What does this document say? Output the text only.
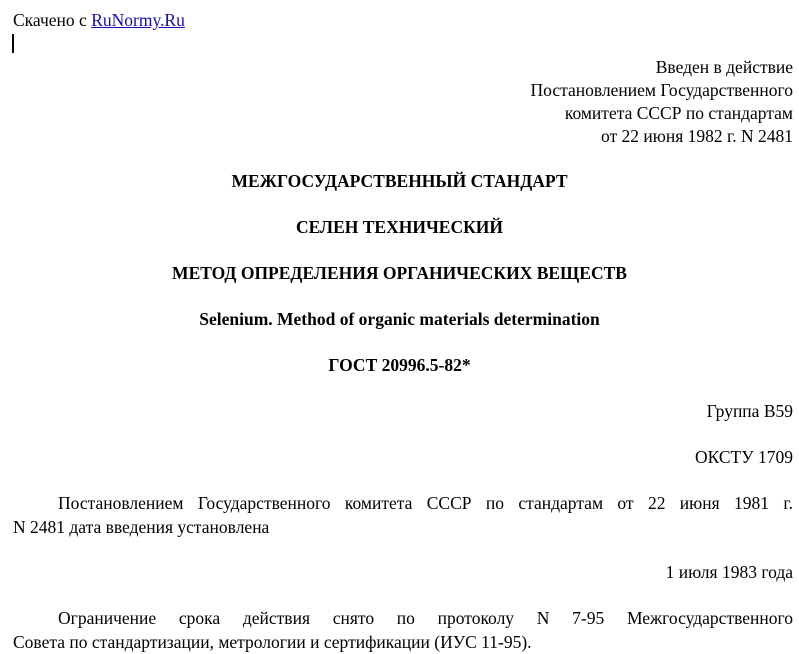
Скачено с RuNormy.Ru
Введен в действие
Постановлением Государственного
комитета СССР по стандартам
от 22 июня 1982 г. N 2481
МЕЖГОСУДАРСТВЕННЫЙ СТАНДАРТ
СЕЛЕН ТЕХНИЧЕСКИЙ
МЕТОД ОПРЕДЕЛЕНИЯ ОРГАНИЧЕСКИХ ВЕЩЕСТВ
Selenium. Method of organic materials determination
ГОСТ 20996.5-82*
Группа В59
ОКСТУ 1709
Постановлением Государственного комитета СССР по стандартам от 22 июня 1981 г.
N 2481 дата введения установлена
1 июля 1983 года
Ограничение срока действия снято по протоколу N 7-95 Межгосударственного
Совета по стандартизации, метрологии и сертификации (ИУС 11-95).
